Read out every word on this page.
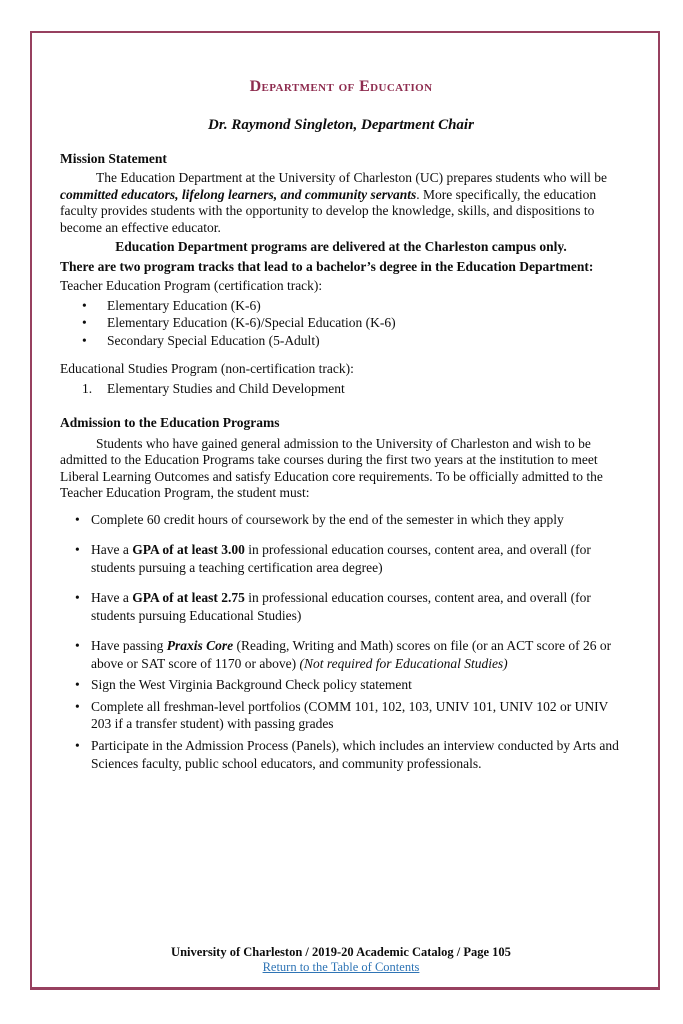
Department of Education
Dr. Raymond Singleton, Department Chair
Mission Statement

The Education Department at the University of Charleston (UC) prepares students who will be committed educators, lifelong learners, and community servants. More specifically, the education faculty provides students with the opportunity to develop the knowledge, skills, and dispositions to become an effective educator.

Education Department programs are delivered at the Charleston campus only.

There are two program tracks that lead to a bachelor’s degree in the Education Department:

Teacher Education Program (certification track):

•	Elementary Education (K-6)
•	Elementary Education (K-6)/Special Education (K-6)
•	Secondary Special Education (5-Adult)

Educational Studies Program (non-certification track):

1.	Elementary Studies and Child Development
Admission to the Education Programs

Students who have gained general admission to the University of Charleston and wish to be admitted to the Education Programs take courses during the first two years at the institution to meet Liberal Learning Outcomes and satisfy Education core requirements. To be officially admitted to the Teacher Education Program, the student must:

• Complete 60 credit hours of coursework by the end of the semester in which they apply
• Have a GPA of at least 3.00 in professional education courses, content area, and overall (for students pursuing a teaching certification area degree)
• Have a GPA of at least 2.75 in professional education courses, content area, and overall (for students pursuing Educational Studies)
• Have passing Praxis Core (Reading, Writing and Math) scores on file (or an ACT score of 26 or above or SAT score of 1170 or above) (Not required for Educational Studies)
• Sign the West Virginia Background Check policy statement
• Complete all freshman-level portfolios (COMM 101, 102, 103, UNIV 101, UNIV 102 or UNIV 203 if a transfer student) with passing grades
• Participate in the Admission Process (Panels), which includes an interview conducted by Arts and Sciences faculty, public school educators, and community professionals.
University of Charleston / 2019-20 Academic Catalog / Page 105
Return to the Table of Contents
